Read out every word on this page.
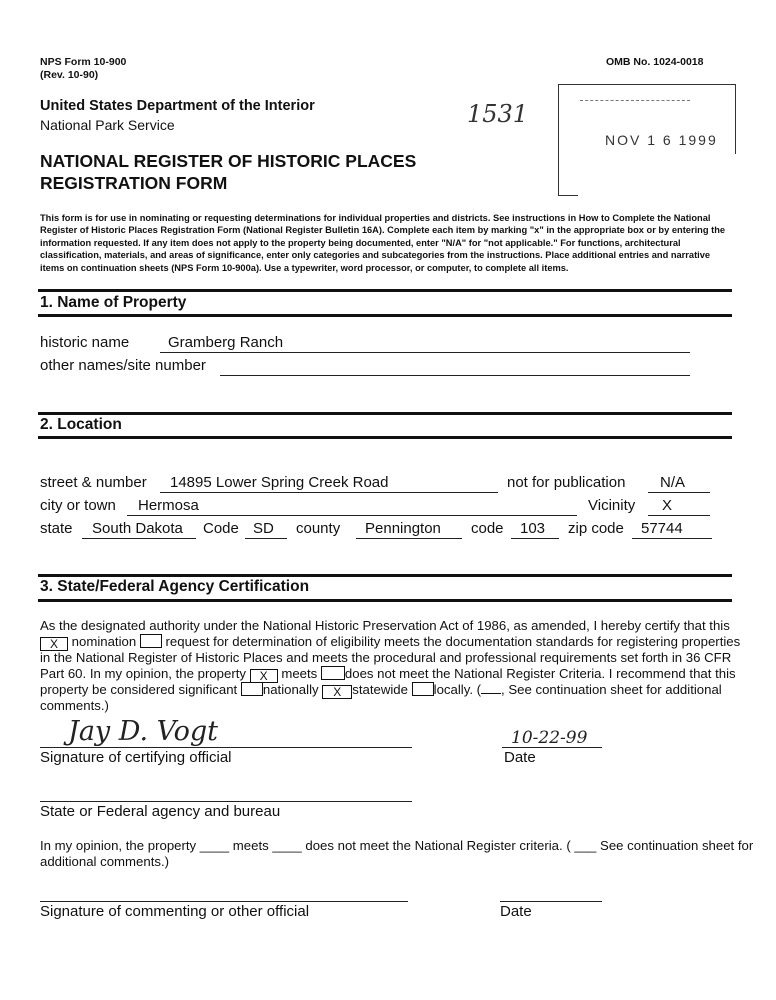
NPS Form 10-900
(Rev. 10-90)
OMB No. 1024-0018
United States Department of the Interior
National Park Service
NATIONAL REGISTER OF HISTORIC PLACES
REGISTRATION FORM
1531
NOV 1 6 1999
This form is for use in nominating or requesting determinations for individual properties and districts. See instructions in How to Complete the National Register of Historic Places Registration Form (National Register Bulletin 16A). Complete each item by marking "x" in the appropriate box or by entering the information requested. If any item does not apply to the property being documented, enter "N/A" for "not applicable." For functions, architectural classification, materials, and areas of significance, enter only categories and subcategories from the instructions. Place additional entries and narrative items on continuation sheets (NPS Form 10-900a). Use a typewriter, word processor, or computer, to complete all items.
1. Name of Property
historic name	Gramberg Ranch
other names/site number
2. Location
street & number 14895 Lower Spring Creek Road	not for publication N/A
city or town Hermosa	Vicinity X
state South Dakota Code SD county Pennington code 103 zip code 57744
3. State/Federal Agency Certification
As the designated authority under the National Historic Preservation Act of 1986, as amended, I hereby certify that this
X nomination request for determination of eligibility meets the documentation standards for registering properties
in the National Register of Historic Places and meets the procedural and professional requirements set forth in 36 CFR
Part 60. In my opinion, the property X meets does not meet the National Register Criteria. I recommend that this
property be considered significant nationally X statewide locally. ( , See continuation sheet for additional
comments.)
Jay D. Vogt
Signature of certifying official
10-22-99
Date
State or Federal agency and bureau
In my opinion, the property ____ meets ____ does not meet the National Register criteria. ( ___ See continuation sheet for
additional comments.)
Signature of commenting or other official	Date
